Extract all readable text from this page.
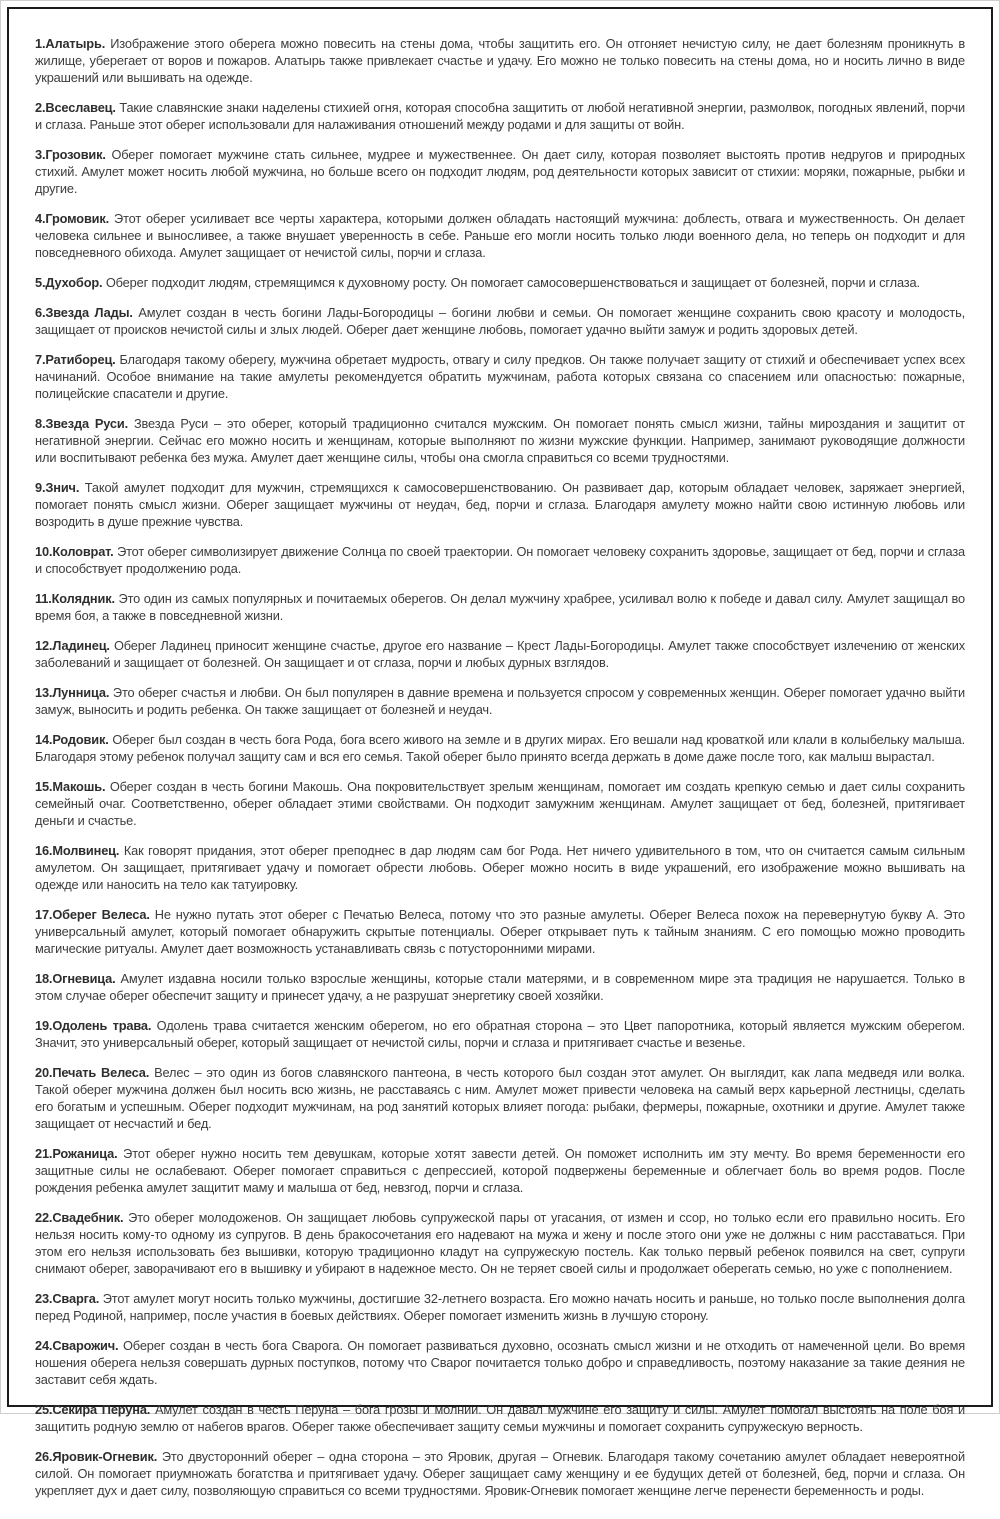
1.Алатырь. Изображение этого оберега можно повесить на стены дома, чтобы защитить его. Он отгоняет нечистую силу, не дает болезням проникнуть в жилище, уберегает от воров и пожаров. Алатырь также привлекает счастье и удачу. Его можно не только повесить на стены дома, но и носить лично в виде украшений или вышивать на одежде.

2.Всеславец. Такие славянские знаки наделены стихией огня, которая способна защитить от любой негативной энергии, размолвок, погодных явлений, порчи и сглаза. Раньше этот оберег использовали для налаживания отношений между родами и для защиты от войн.

3.Грозовик. Оберег помогает мужчине стать сильнее, мудрее и мужественнее. Он дает силу, которая позволяет выстоять против недругов и природных стихий. Амулет может носить любой мужчина, но больше всего он подходит людям, род деятельности которых зависит от стихии: моряки, пожарные, рыбки и другие.

4.Громовик. Этот оберег усиливает все черты характера, которыми должен обладать настоящий мужчина: доблесть, отвага и мужественность. Он делает человека сильнее и выносливее, а также внушает уверенность в себе. Раньше его могли носить только люди военного дела, но теперь он подходит и для повседневного обихода. Амулет защищает от нечистой силы, порчи и сглаза.

5.Духобор. Оберег подходит людям, стремящимся к духовному росту. Он помогает самосовершенствоваться и защищает от болезней, порчи и сглаза.

6.Звезда Лады. Амулет создан в честь богини Лады-Богородицы – богини любви и семьи. Он помогает женщине сохранить свою красоту и молодость, защищает от происков нечистой силы и злых людей. Оберег дает женщине любовь, помогает удачно выйти замуж и родить здоровых детей.

7.Ратиборец. Благодаря такому оберегу, мужчина обретает мудрость, отвагу и силу предков. Он также получает защиту от стихий и обеспечивает успех всех начинаний. Особое внимание на такие амулеты рекомендуется обратить мужчинам, работа которых связана со спасением или опасностью: пожарные, полицейские спасатели и другие.

8.Звезда Руси. Звезда Руси – это оберег, который традиционно считался мужским. Он помогает понять смысл жизни, тайны мироздания и защитит от негативной энергии. Сейчас его можно носить и женщинам, которые выполняют по жизни мужские функции. Например, занимают руководящие должности или воспитывают ребенка без мужа. Амулет дает женщине силы, чтобы она смогла справиться со всеми трудностями.

9.Знич. Такой амулет подходит для мужчин, стремящихся к самосовершенствованию. Он развивает дар, которым обладает человек, заряжает энергией, помогает понять смысл жизни. Оберег защищает мужчины от неудач, бед, порчи и сглаза. Благодаря амулету можно найти свою истинную любовь или возродить в душе прежние чувства.

10.Коловрат. Этот оберег символизирует движение Солнца по своей траектории. Он помогает человеку сохранить здоровье, защищает от бед, порчи и сглаза и способствует продолжению рода.

11.Колядник. Это один из самых популярных и почитаемых оберегов. Он делал мужчину храбрее, усиливал волю к победе и давал силу. Амулет защищал во время боя, а также в повседневной жизни.

12.Ладинец. Оберег Ладинец приносит женщине счастье, другое его название – Крест Лады-Богородицы. Амулет также способствует излечению от женских заболеваний и защищает от болезней. Он защищает и от сглаза, порчи и любых дурных взглядов.

13.Лунница. Это оберег счастья и любви. Он был популярен в давние времена и пользуется спросом у современных женщин. Оберег помогает удачно выйти замуж, выносить и родить ребенка. Он также защищает от болезней и неудач.

14.Родовик. Оберег был создан в честь бога Рода, бога всего живого на земле и в других мирах. Его вешали над кроваткой или клали в колыбельку малыша. Благодаря этому ребенок получал защиту сам и вся его семья. Такой оберег было принято всегда держать в доме даже после того, как малыш вырастал.

15.Макошь. Оберег создан в честь богини Макошь. Она покровительствует зрелым женщинам, помогает им создать крепкую семью и дает силы сохранить семейный очаг. Соответственно, оберег обладает этими свойствами. Он подходит замужним женщинам. Амулет защищает от бед, болезней, притягивает деньги и счастье.

16.Молвинец. Как говорят придания, этот оберег преподнес в дар людям сам бог Рода. Нет ничего удивительного в том, что он считается самым сильным амулетом. Он защищает, притягивает удачу и помогает обрести любовь. Оберег можно носить в виде украшений, его изображение можно вышивать на одежде или наносить на тело как татуировку.

17.Оберег Велеса. Не нужно путать этот оберег с Печатью Велеса, потому что это разные амулеты. Оберег Велеса похож на перевернутую букву А. Это универсальный амулет, который помогает обнаружить скрытые потенциалы. Оберег открывает путь к тайным знаниям. С его помощью можно проводить магические ритуалы. Амулет дает возможность устанавливать связь с потусторонними мирами.

18.Огневица. Амулет издавна носили только взрослые женщины, которые стали матерями, и в современном мире эта традиция не нарушается. Только в этом случае оберег обеспечит защиту и принесет удачу, а не разрушат энергетику своей хозяйки.

19.Одолень трава. Одолень трава считается женским оберегом, но его обратная сторона – это Цвет папоротника, который является мужским оберегом. Значит, это универсальный оберег, который защищает от нечистой силы, порчи и сглаза и притягивает счастье и везенье.

20.Печать Велеса. Велес – это один из богов славянского пантеона, в честь которого был создан этот амулет. Он выглядит, как лапа медведя или волка. Такой оберег мужчина должен был носить всю жизнь, не расставаясь с ним. Амулет может привести человека на самый верх карьерной лестницы, сделать его богатым и успешным. Оберег подходит мужчинам, на род занятий которых влияет погода: рыбаки, фермеры, пожарные, охотники и другие. Амулет также защищает от несчастий и бед.

21.Рожаница. Этот оберег нужно носить тем девушкам, которые хотят завести детей. Он поможет исполнить им эту мечту. Во время беременности его защитные силы не ослабевают. Оберег помогает справиться с депрессией, которой подвержены беременные и облегчает боль во время родов. После рождения ребенка амулет защитит маму и малыша от бед, невзгод, порчи и сглаза.

22.Свадебник. Это оберег молодоженов. Он защищает любовь супружеской пары от угасания, от измен и ссор, но только если его правильно носить. Его нельзя носить кому-то одному из супругов. В день бракосочетания его надевают на мужа и жену и после этого они уже не должны с ним расставаться. При этом его нельзя использовать без вышивки, которую традиционно кладут на супружескую постель. Как только первый ребенок появился на свет, супруги снимают оберег, заворачивают его в вышивку и убирают в надежное место. Он не теряет своей силы и продолжает оберегать семью, но уже с пополнением.

23.Сварга. Этот амулет могут носить только мужчины, достигшие 32-летнего возраста. Его можно начать носить и раньше, но только после выполнения долга перед Родиной, например, после участия в боевых действиях. Оберег помогает изменить жизнь в лучшую сторону.

24.Сварожич. Оберег создан в честь бога Сварога. Он помогает развиваться духовно, осознать смысл жизни и не отходить от намеченной цели. Во время ношения оберега нельзя совершать дурных поступков, потому что Сварог почитается только добро и справедливость, поэтому наказание за такие деяния не заставит себя ждать.

25.Секира Перуна. Амулет создан в честь Перуна – бога грозы и молнии. Он давал мужчине его защиту и силы. Амулет помогал выстоять на поле боя и защитить родную землю от набегов врагов. Оберег также обеспечивает защиту семьи мужчины и помогает сохранить супружескую верность.

26.Яровик-Огневик. Это двусторонний оберег – одна сторона – это Яровик, другая – Огневик. Благодаря такому сочетанию амулет обладает невероятной силой. Он помогает приумножать богатства и притягивает удачу. Оберег защищает саму женщину и ее будущих детей от болезней, бед, порчи и сглаза. Он укрепляет дух и дает силу, позволяющую справиться со всеми трудностями. Яровик-Огневик помогает женщине легче перенести беременность и роды.
